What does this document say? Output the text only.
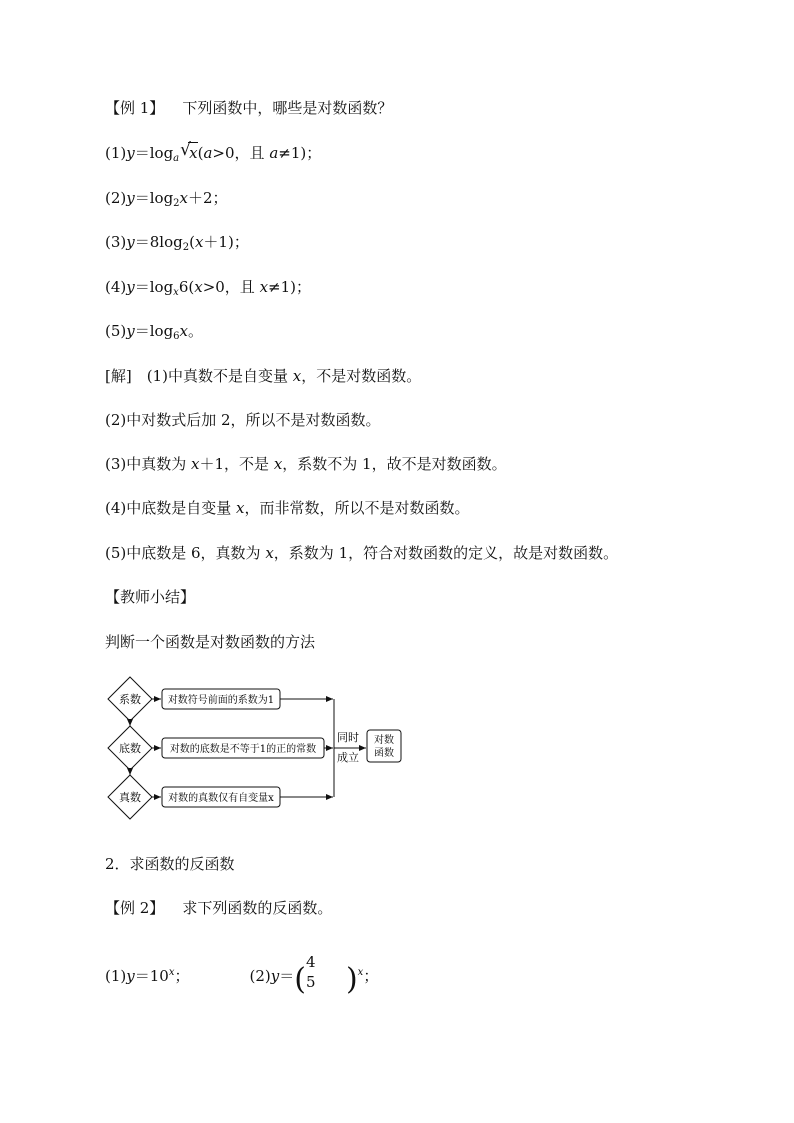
【例 1】 下列函数中，哪些是对数函数？
$(1)y=\log_a$ √
x(a>0，且 a≠1)；
$(2)y=\log_2x+2$；
$(3)y=8\log_2(x+1)$；
$(4)y=\log_x6(x>0$，且 x≠1)；
$(5)y=\log_6x$。
[解]　(1)中真数不是自变量 x，不是对数函数。
(2)中对数式后加 2，所以不是对数函数。
(3)中真数为 x＋1，不是 x，系数不为 1，故不是对数函数。
(4)中底数是自变量 x，而非常数，所以不是对数函数。
(5)中底数是 6，真数为 x，系数为 1，符合对数函数的定义，故是对数函数。
【教师小结】
判断一个函数是对数函数的方法
系数
底数
真数
对数符号前面的系数为1
对数的底数是不等于1的正的常数
对数的真数仅有自变量x
同时
成立
对数
函数
2．求函数的反函数
【例 2】 求下列函数的反函数。
$(1)y=10^x$；	(2)y＝( 4
5	)$^x$；
